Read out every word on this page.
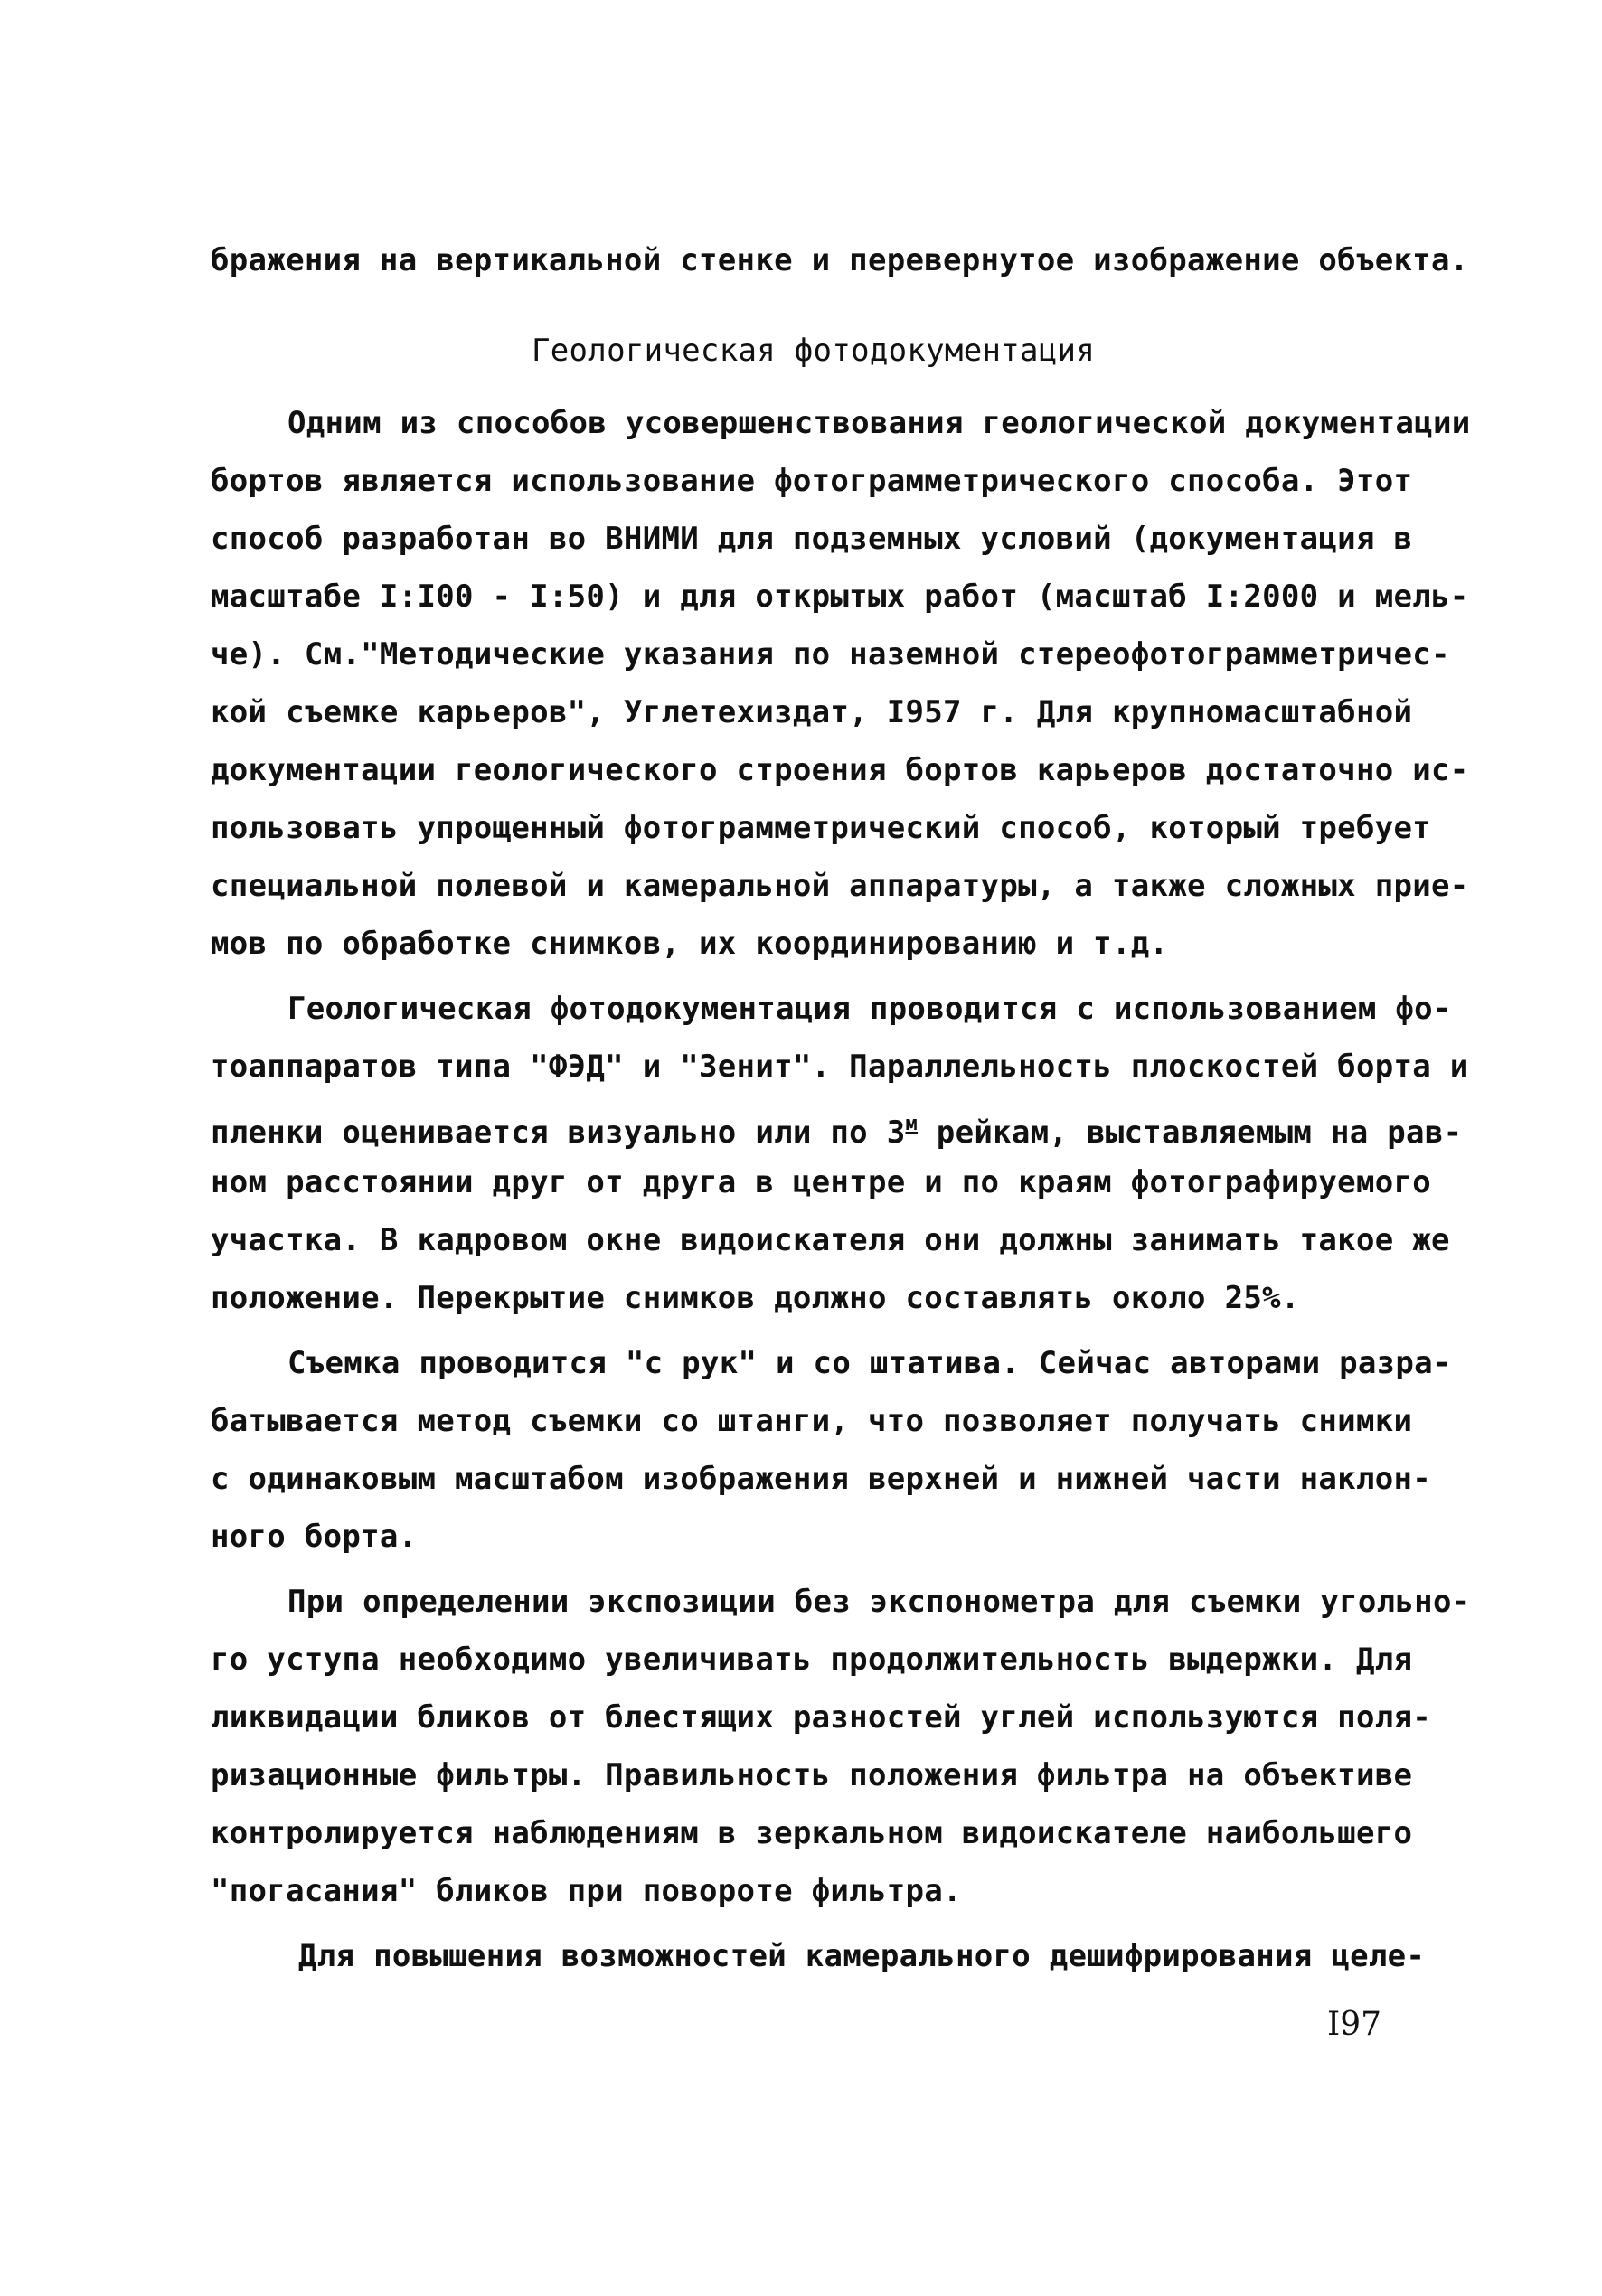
бражения на вертикальной стенке и перевернутое изображение объекта.
Геологическая фотодокументация
Одним из способов усовершенствования геологической документации
бортов является использование фотограмметрического способа. Этот
способ разработан во ВНИМИ для подземных условий (документация в
масштабе I:I00 - I:50) и для открытых работ (масштаб I:2000 и мель-
че). См."Методические указания по наземной стереофотограмметричес-
кой съемке карьеров", Углетехиздат, I957 г. Для крупномасштабной
документации геологического строения бортов карьеров достаточно ис-
пользовать упрощенный фотограмметрический способ, который требует
специальной полевой и камеральной аппаратуры, а также сложных прие-
мов по обработке снимков, их координированию и т.д.
Геологическая фотодокументация проводится с использованием фо-
тоаппаратов типа "ФЭД" и "Зенит". Параллельность плоскостей борта и
пленки оценивается визуально или по $3^м$ рейкам, выставляемым на рав-
ном расстоянии друг от друга в центре и по краям фотографируемого
участка. В кадровом окне видоискателя они должны занимать такое же
положение. Перекрытие снимков должно составлять около 25%.
Съемка проводится "с рук" и со штатива. Сейчас авторами разра-
батывается метод съемки со штанги, что позволяет получать снимки
с одинаковым масштабом изображения верхней и нижней части наклон-
ного борта.
При определении экспозиции без экспонометра для съемки угольно-
го уступа необходимо увеличивать продолжительность выдержки. Для
ликвидации бликов от блестящих разностей углей используются поля-
ризационные фильтры. Правильность положения фильтра на объективе
контролируется наблюдениям в зеркальном видоискателе наибольшего
"погасания" бликов при повороте фильтра.
Для повышения возможностей камерального дешифрирования целе-
I97
